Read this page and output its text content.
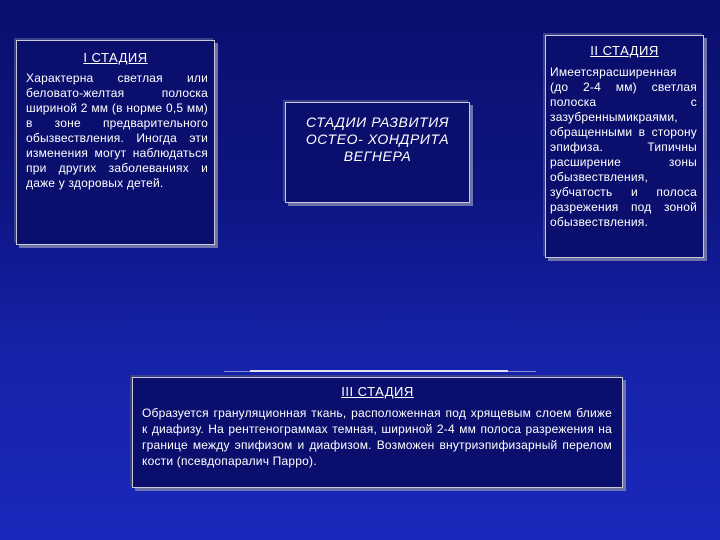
I СТАДИЯ
Характерна светлая или беловато-желтая полоска шириной 2 мм (в норме 0,5 мм) в зоне предварительного обызвествления. Иногда эти изменения могут наблюдаться при других заболеваниях и даже у здоровых детей.
СТАДИИ РАЗВИТИЯ
ОСТЕО- ХОНДРИТА
ВЕГНЕРА
II СТАДИЯ
Имеетсярасширенная (до 2-4 мм) светлая полоска с зазубреннымикраями, обращенными в сторону эпифиза. Типичны расширение зоны обызвествления, зубчатость и полоса разрежения под зоной обызвествления.
III СТАДИЯ
Образуется грануляционная ткань, расположенная под хрящевым слоем ближе к диафизу. На рентгенограммах темная, шириной 2-4 мм полоса разрежения на границе между эпифизом и диафизом. Возможен внутриэпифизарный перелом кости (псевдопаралич Парро).
